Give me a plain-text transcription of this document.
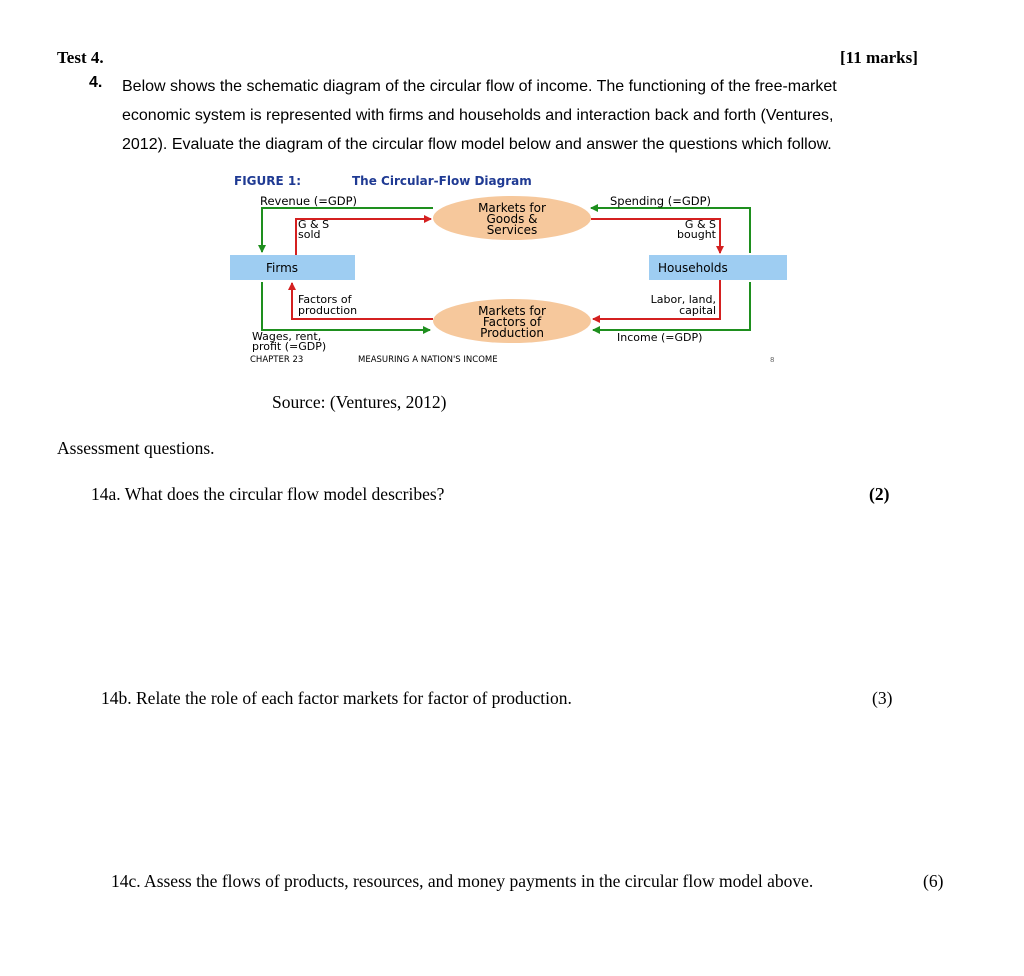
Test 4.	[11 marks]
4. Below shows the schematic diagram of the circular flow of income. The functioning of the free-market
economic system is represented with firms and households and interaction back and forth (Ventures,
2012). Evaluate the diagram of the circular flow model below and answer the questions which follow.
FIGURE 1:	The Circular-Flow Diagram
Firms	Households
Markets for
Goods &
Services
Markets for
Factors of
Production
Revenue (=GDP)	Spending (=GDP)
G & S
sold
G & S
bought
Factors of
production
Labor, land,
capital
Wages, rent,
profit (=GDP)
Income (=GDP)
CHAPTER 23	MEASURING A NATION'S INCOME	8
Source: (Ventures, 2012)
Assessment questions.
14a. What does the circular flow model describes?	(2)
14b. Relate the role of each factor markets for factor of production.	(3)
14c. Assess the flows of products, resources, and money payments in the circular flow model above.	(6)
